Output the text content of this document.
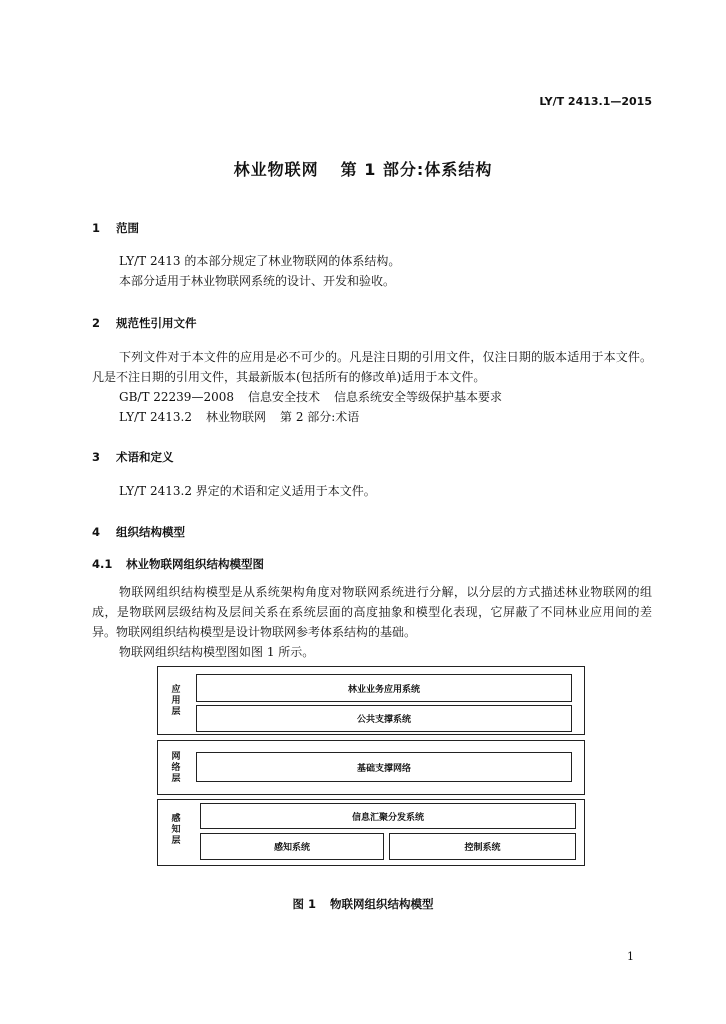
LY/T 2413.1—2015
林业物联网 第 1 部分:体系结构
1 范围
LY/T 2413 的本部分规定了林业物联网的体系结构。
本部分适用于林业物联网系统的设计、开发和验收。
2 规范性引用文件
下列文件对于本文件的应用是必不可少的。凡是注日期的引用文件，仅注日期的版本适用于本文件。凡是不注日期的引用文件，其最新版本(包括所有的修改单)适用于本文件。
GB/T 22239—2008 信息安全技术 信息系统安全等级保护基本要求
LY/T 2413.2 林业物联网 第 2 部分:术语
3 术语和定义
LY/T 2413.2 界定的术语和定义适用于本文件。
4 组织结构模型
4.1 林业物联网组织结构模型图
物联网组织结构模型是从系统架构角度对物联网系统进行分解，以分层的方式描述林业物联网的组成，是物联网层级结构及层间关系在系统层面的高度抽象和模型化表现，它屏蔽了不同林业应用间的差异。物联网组织结构模型是设计物联网参考体系结构的基础。
物联网组织结构模型图如图 1 所示。
应
用
层
林业业务应用系统
公共支撑系统
网
络
层
基础支撑网络
感
知
层
信息汇聚分发系统
感知系统	控制系统
图 1 物联网组织结构模型
1
